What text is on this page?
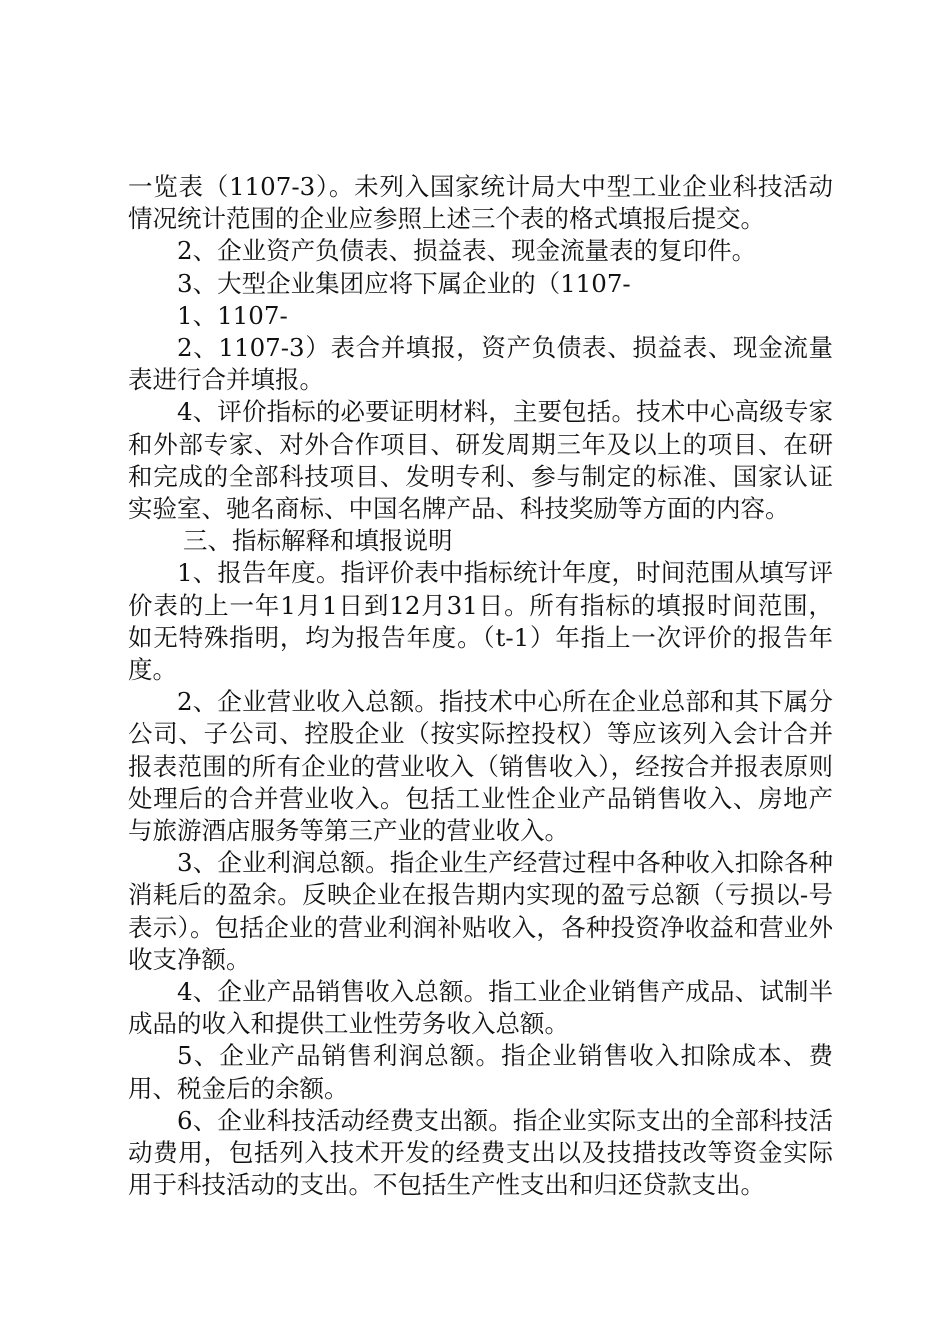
一览表（1107-3）。未列入国家统计局大中型工业企业科技活动情况统计范围的企业应参照上述三个表的格式填报后提交。

2、企业资产负债表、损益表、现金流量表的复印件。

3、大型企业集团应将下属企业的（1107-

1、1107-

2、1107-3）表合并填报，资产负债表、损益表、现金流量表进行合并填报。

4、评价指标的必要证明材料，主要包括。技术中心高级专家和外部专家、对外合作项目、研发周期三年及以上的项目、在研和完成的全部科技项目、发明专利、参与制定的标准、国家认证实验室、驰名商标、中国名牌产品、科技奖励等方面的内容。

三、指标解释和填报说明

1、报告年度。指评价表中指标统计年度，时间范围从填写评价表的上一年1月1日到12月31日。所有指标的填报时间范围，如无特殊指明，均为报告年度。（t-1）年指上一次评价的报告年度。

2、企业营业收入总额。指技术中心所在企业总部和其下属分公司、子公司、控股企业（按实际控投权）等应该列入会计合并报表范围的所有企业的营业收入（销售收入），经按合并报表原则处理后的合并营业收入。包括工业性企业产品销售收入、房地产与旅游酒店服务等第三产业的营业收入。

3、企业利润总额。指企业生产经营过程中各种收入扣除各种消耗后的盈余。反映企业在报告期内实现的盈亏总额（亏损以-号表示）。包括企业的营业利润补贴收入，各种投资净收益和营业外收支净额。

4、企业产品销售收入总额。指工业企业销售产成品、试制半成品的收入和提供工业性劳务收入总额。

5、企业产品销售利润总额。指企业销售收入扣除成本、费用、税金后的余额。

6、企业科技活动经费支出额。指企业实际支出的全部科技活动费用，包括列入技术开发的经费支出以及技措技改等资金实际用于科技活动的支出。不包括生产性支出和归还贷款支出。
